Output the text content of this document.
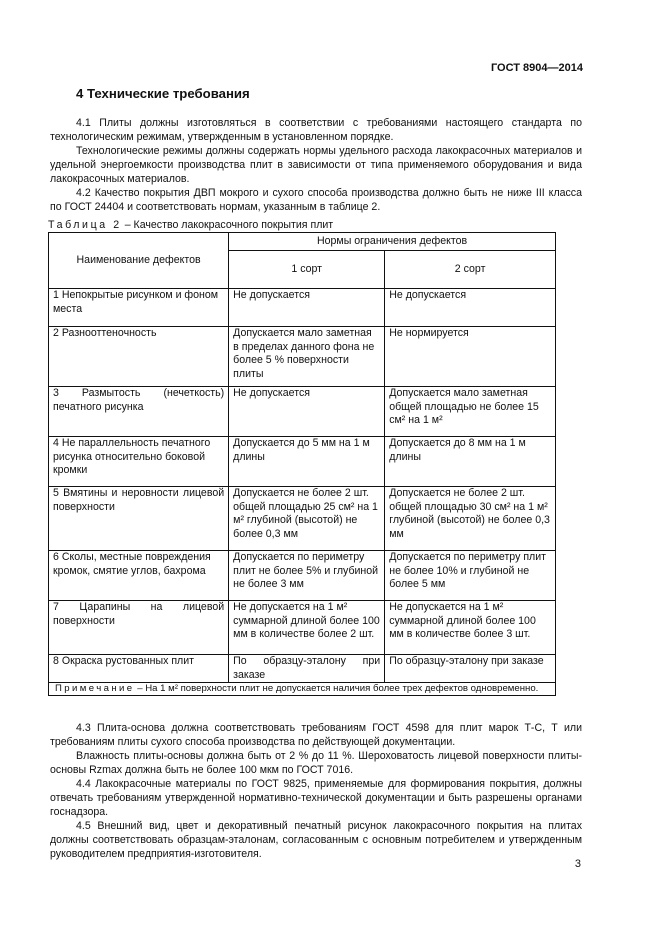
ГОСТ 8904—2014
4 Технические требования

4.1 Плиты должны изготовляться в соответствии с требованиями настоящего стандарта по технологическим режимам, утвержденным в установленном порядке.

Технологические режимы должны содержать нормы удельного расхода лакокрасочных материалов и удельной энергоемкости производства плит в зависимости от типа применяемого оборудования и вида лакокрасочных материалов.

4.2 Качество покрытия ДВП мокрого и сухого способа производства должно быть не ниже III класса по ГОСТ 24404 и соответствовать нормам, указанным в таблице 2.

Таблица 2 – Качество лакокрасочного покрытия плит
Наименование дефектов	Нормы ограничения дефектов	
	1 сорт	2 сорт
1 Непокрытые рисунком и фоном места	Не допускается	Не допускается
2 Разнооттеночность	Допускается мало заметная в пределах данного фона не более 5 % поверхности плиты	Не нормируется
3 Размытость (нечеткость) печатного рисунка	Не допускается	Допускается мало заметная общей площадью не более 15 см² на 1 м²
4 Не параллельность печатного рисунка относительно боковой кромки	Допускается до 5 мм на 1 м длины	Допускается до 8 мм на 1 м длины
5 Вмятины и неровности лицевой поверхности	Допускается не более 2 шт. общей площадью 25 см² на 1 м² глубиной (высотой) не более 0,3 мм	Допускается не более 2 шт. общей площадью 30 см² на 1 м² глубиной (высотой) не более 0,3 мм
6 Сколы, местные повреждения кромок, смятие углов, бахрома	Допускается по периметру плит не более 5% и глубиной не более 3 мм	Допускается по периметру плит не более 10% и глубиной не более 5 мм
7 Царапины на лицевой поверхности	Не допускается на 1 м² суммарной длиной более 100 мм в количестве более 2 шт.	Не допускается на 1 м² суммарной длиной более 100 мм в количестве более 3 шт.
8 Окраска рустованных плит	По образцу-эталону при заказе	По образцу-эталону при заказе
Примечание – На 1 м² поверхности плит не допускается наличия более трех дефектов одновременно.		

4.3 Плита-основа должна соответствовать требованиям ГОСТ 4598 для плит марок Т-С, Т или требованиям плиты сухого способа производства по действующей документации.

Влажность плиты-основы должна быть от 2 % до 11 %. Шероховатость лицевой поверхности плиты-основы Rzmax должна быть не более 100 мкм по ГОСТ 7016.

4.4 Лакокрасочные материалы по ГОСТ 9825, применяемые для формирования покрытия, должны отвечать требованиям утвержденной нормативно-технической документации и быть разрешены органами госнадзора.

4.5 Внешний вид, цвет и декоративный печатный рисунок лакокрасочного покрытия на плитах должны соответствовать образцам-эталонам, согласованным с основным потребителем и утвержденным руководителем предприятия-изготовителя.

3
